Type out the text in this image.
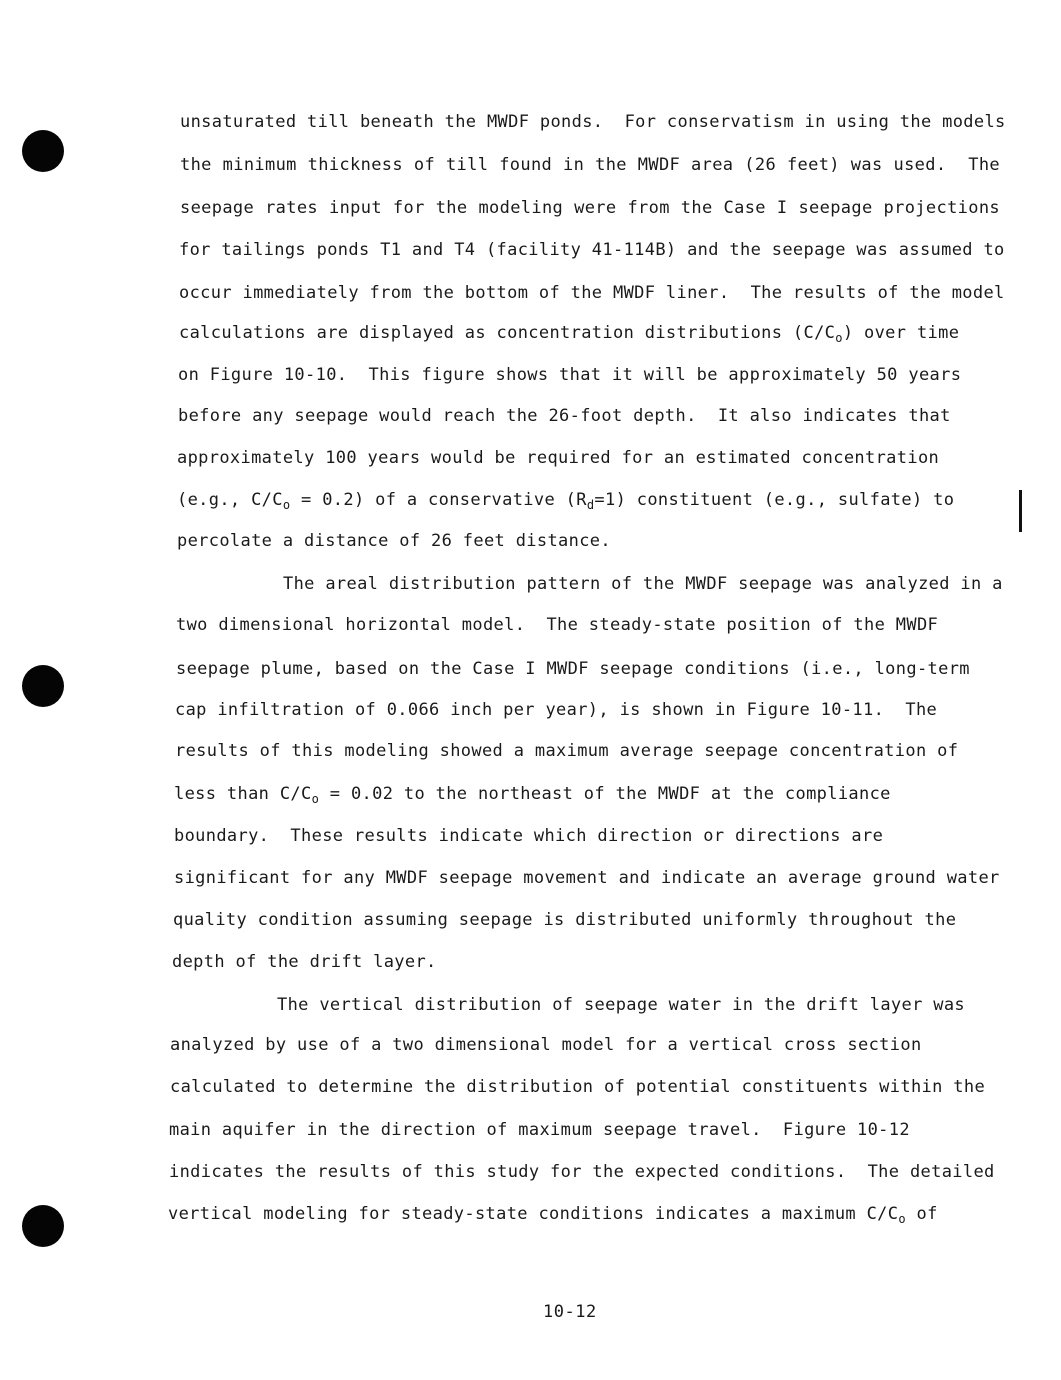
unsaturated till beneath the MWDF ponds.  For conservatism in using the models
the minimum thickness of till found in the MWDF area (26 feet) was used.  The
seepage rates input for the modeling were from the Case I seepage projections
for tailings ponds T1 and T4 (facility 41-114B) and the seepage was assumed to
occur immediately from the bottom of the MWDF liner.  The results of the model
calculations are displayed as concentration distributions $(C/C_o)$ over time
on Figure 10-10.  This figure shows that it will be approximately 50 years
before any seepage would reach the 26-foot depth.  It also indicates that
approximately 100 years would be required for an estimated concentration
(e.g., $C/C_o = 0.2$) of a conservative $(R_d=1)$ constituent (e.g., sulfate) to
percolate a distance of 26 feet distance.
The areal distribution pattern of the MWDF seepage was analyzed in a
two dimensional horizontal model.  The steady-state position of the MWDF
seepage plume, based on the Case I MWDF seepage conditions (i.e., long-term
cap infiltration of 0.066 inch per year), is shown in Figure 10-11.  The
results of this modeling showed a maximum average seepage concentration of
less than $C/C_o = 0.02$ to the northeast of the MWDF at the compliance
boundary.  These results indicate which direction or directions are
significant for any MWDF seepage movement and indicate an average ground water
quality condition assuming seepage is distributed uniformly throughout the
depth of the drift layer.
The vertical distribution of seepage water in the drift layer was
analyzed by use of a two dimensional model for a vertical cross section
calculated to determine the distribution of potential constituents within the
main aquifer in the direction of maximum seepage travel.  Figure 10-12
indicates the results of this study for the expected conditions.  The detailed
vertical modeling for steady-state conditions indicates a maximum $C/C_o$ of
10-12
